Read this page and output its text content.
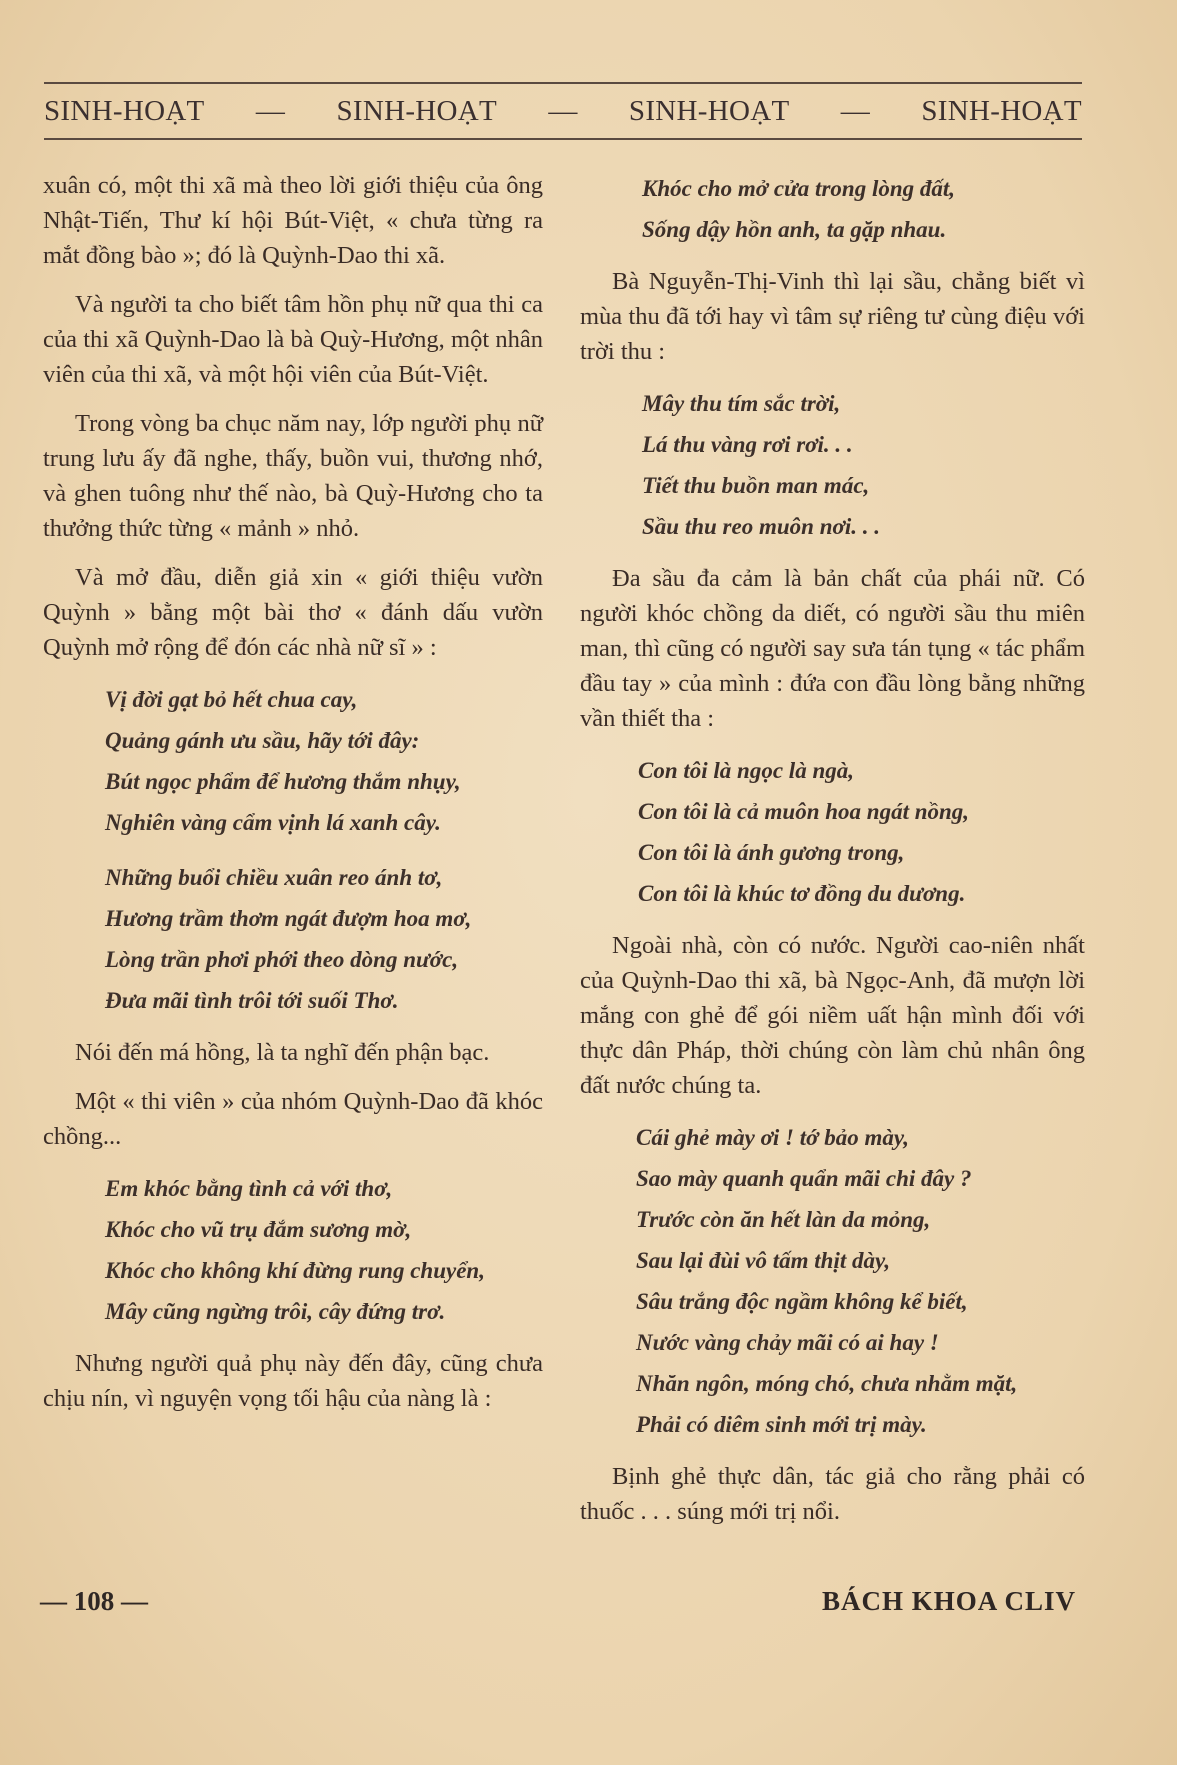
SINH-HOẠT — SINH-HOẠT — SINH-HOẠT — SINH-HOẠT

xuân có, một thi xã mà theo lời giới thiệu của ông Nhật-Tiến, Thư kí hội Bút-Việt, « chưa từng ra mắt đồng bào »; đó là Quỳnh-Dao thi xã.

Và người ta cho biết tâm hồn phụ nữ qua thi ca của thi xã Quỳnh-Dao là bà Quỳ-Hương, một nhân viên của thi xã, và một hội viên của Bút-Việt.

Trong vòng ba chục năm nay, lớp người phụ nữ trung lưu ấy đã nghe, thấy, buồn vui, thương nhớ, và ghen tuông như thế nào, bà Quỳ-Hương cho ta thưởng thức từng « mảnh » nhỏ.

Và mở đầu, diễn giả xin « giới thiệu vườn Quỳnh » bằng một bài thơ « đánh dấu vườn Quỳnh mở rộng để đón các nhà nữ sĩ » :

Vị đời gạt bỏ hết chua cay,
Quảng gánh ưu sầu, hãy tới đây:
Bút ngọc phẩm để hương thắm nhụy,
Nghiên vàng cẩm vịnh lá xanh cây.
Những buổi chiều xuân reo ánh tơ,
Hương trầm thơm ngát đượm hoa mơ,
Lòng trần phơi phới theo dòng nước,
Đưa mãi tình trôi tới suối Thơ.

Nói đến má hồng, là ta nghĩ đến phận bạc.

Một « thi viên » của nhóm Quỳnh-Dao đã khóc chồng...

Em khóc bằng tình cả với thơ,
Khóc cho vũ trụ đắm sương mờ,
Khóc cho không khí đừng rung chuyển,
Mây cũng ngừng trôi, cây đứng trơ.

Nhưng người quả phụ này đến đây, cũng chưa chịu nín, vì nguyện vọng tối hậu của nàng là :

Khóc cho mở cửa trong lòng đất,
Sống dậy hồn anh, ta gặp nhau.

Bà Nguyễn-Thị-Vinh thì lại sầu, chẳng biết vì mùa thu đã tới hay vì tâm sự riêng tư cùng điệu với trời thu :

Mây thu tím sắc trời,
Lá thu vàng rơi rơi. . .
Tiết thu buồn man mác,
Sầu thu reo muôn nơi. . .

Đa sầu đa cảm là bản chất của phái nữ. Có người khóc chồng da diết, có người sầu thu miên man, thì cũng có người say sưa tán tụng « tác phẩm đầu tay » của mình : đứa con đầu lòng bằng những vần thiết tha :

Con tôi là ngọc là ngà,
Con tôi là cả muôn hoa ngát nồng,
Con tôi là ánh gương trong,
Con tôi là khúc tơ đồng du dương.

Ngoài nhà, còn có nước. Người cao-niên nhất của Quỳnh-Dao thi xã, bà Ngọc-Anh, đã mượn lời mắng con ghẻ để gói niềm uất hận mình đối với thực dân Pháp, thời chúng còn làm chủ nhân ông đất nước chúng ta.

Cái ghẻ mày ơi ! tớ bảo mày,
Sao mày quanh quẩn mãi chi đây ?
Trước còn ăn hết làn da mỏng,
Sau lại đùi vô tấm thịt dày,
Sâu trắng độc ngầm không kể biết,
Nước vàng chảy mãi có ai hay !
Nhăn ngôn, móng chó, chưa nhằm mặt,
Phải có diêm sinh mới trị mày.

Bịnh ghẻ thực dân, tác giả cho rằng phải có thuốc . . . súng mới trị nổi.

— 108 —	BÁCH KHOA CLIV
